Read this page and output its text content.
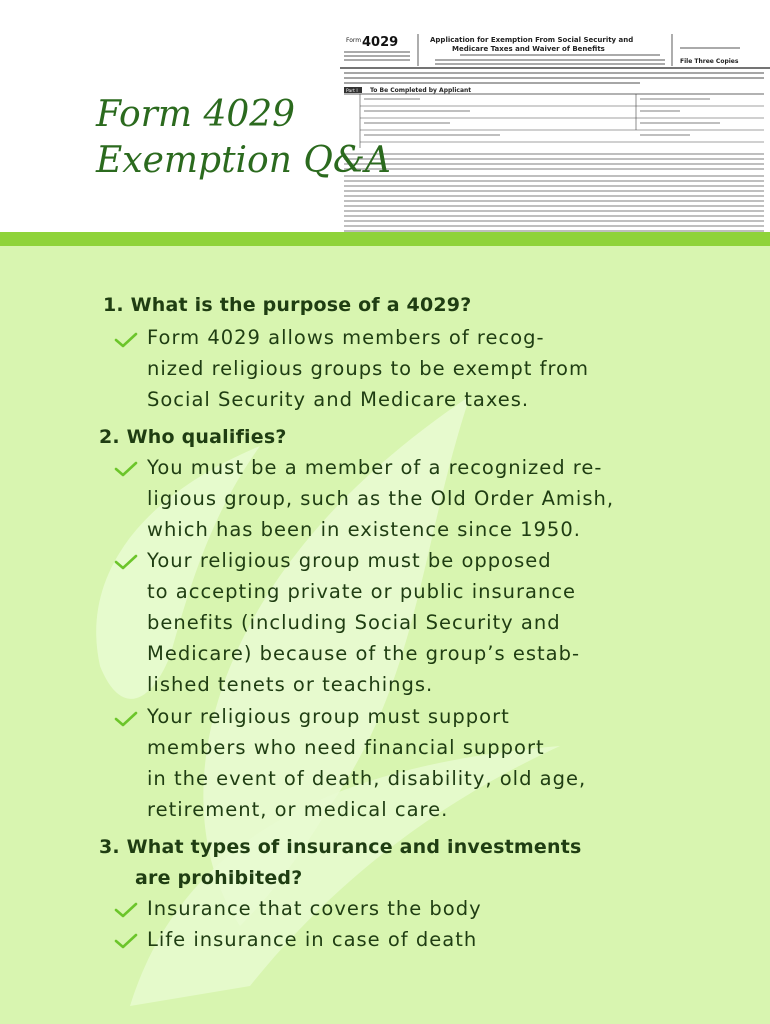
Form 4029	Application for Exemption From Social Security and
Medicare Taxes and Waiver of Benefits
File Three Copies
Part I To Be Completed by Applicant
Form 4029
Exemption Q&A
1. What is the purpose of a 4029?
Form 4029 allows members of recog-
nized religious groups to be exempt from
Social Security and Medicare taxes.
2. Who qualifies?
You must be a member of a recognized re-
ligious group, such as the Old Order Amish,
which has been in existence since 1950.
Your religious group must be opposed
to accepting private or public insurance
benefits (including Social Security and
Medicare) because of the group’s estab-
lished tenets or teachings.
Your religious group must support
members who need financial support
in the event of death, disability, old age,
retirement, or medical care.
3. What types of insurance and investments
are prohibited?
Insurance that covers the body
Life insurance in case of death
